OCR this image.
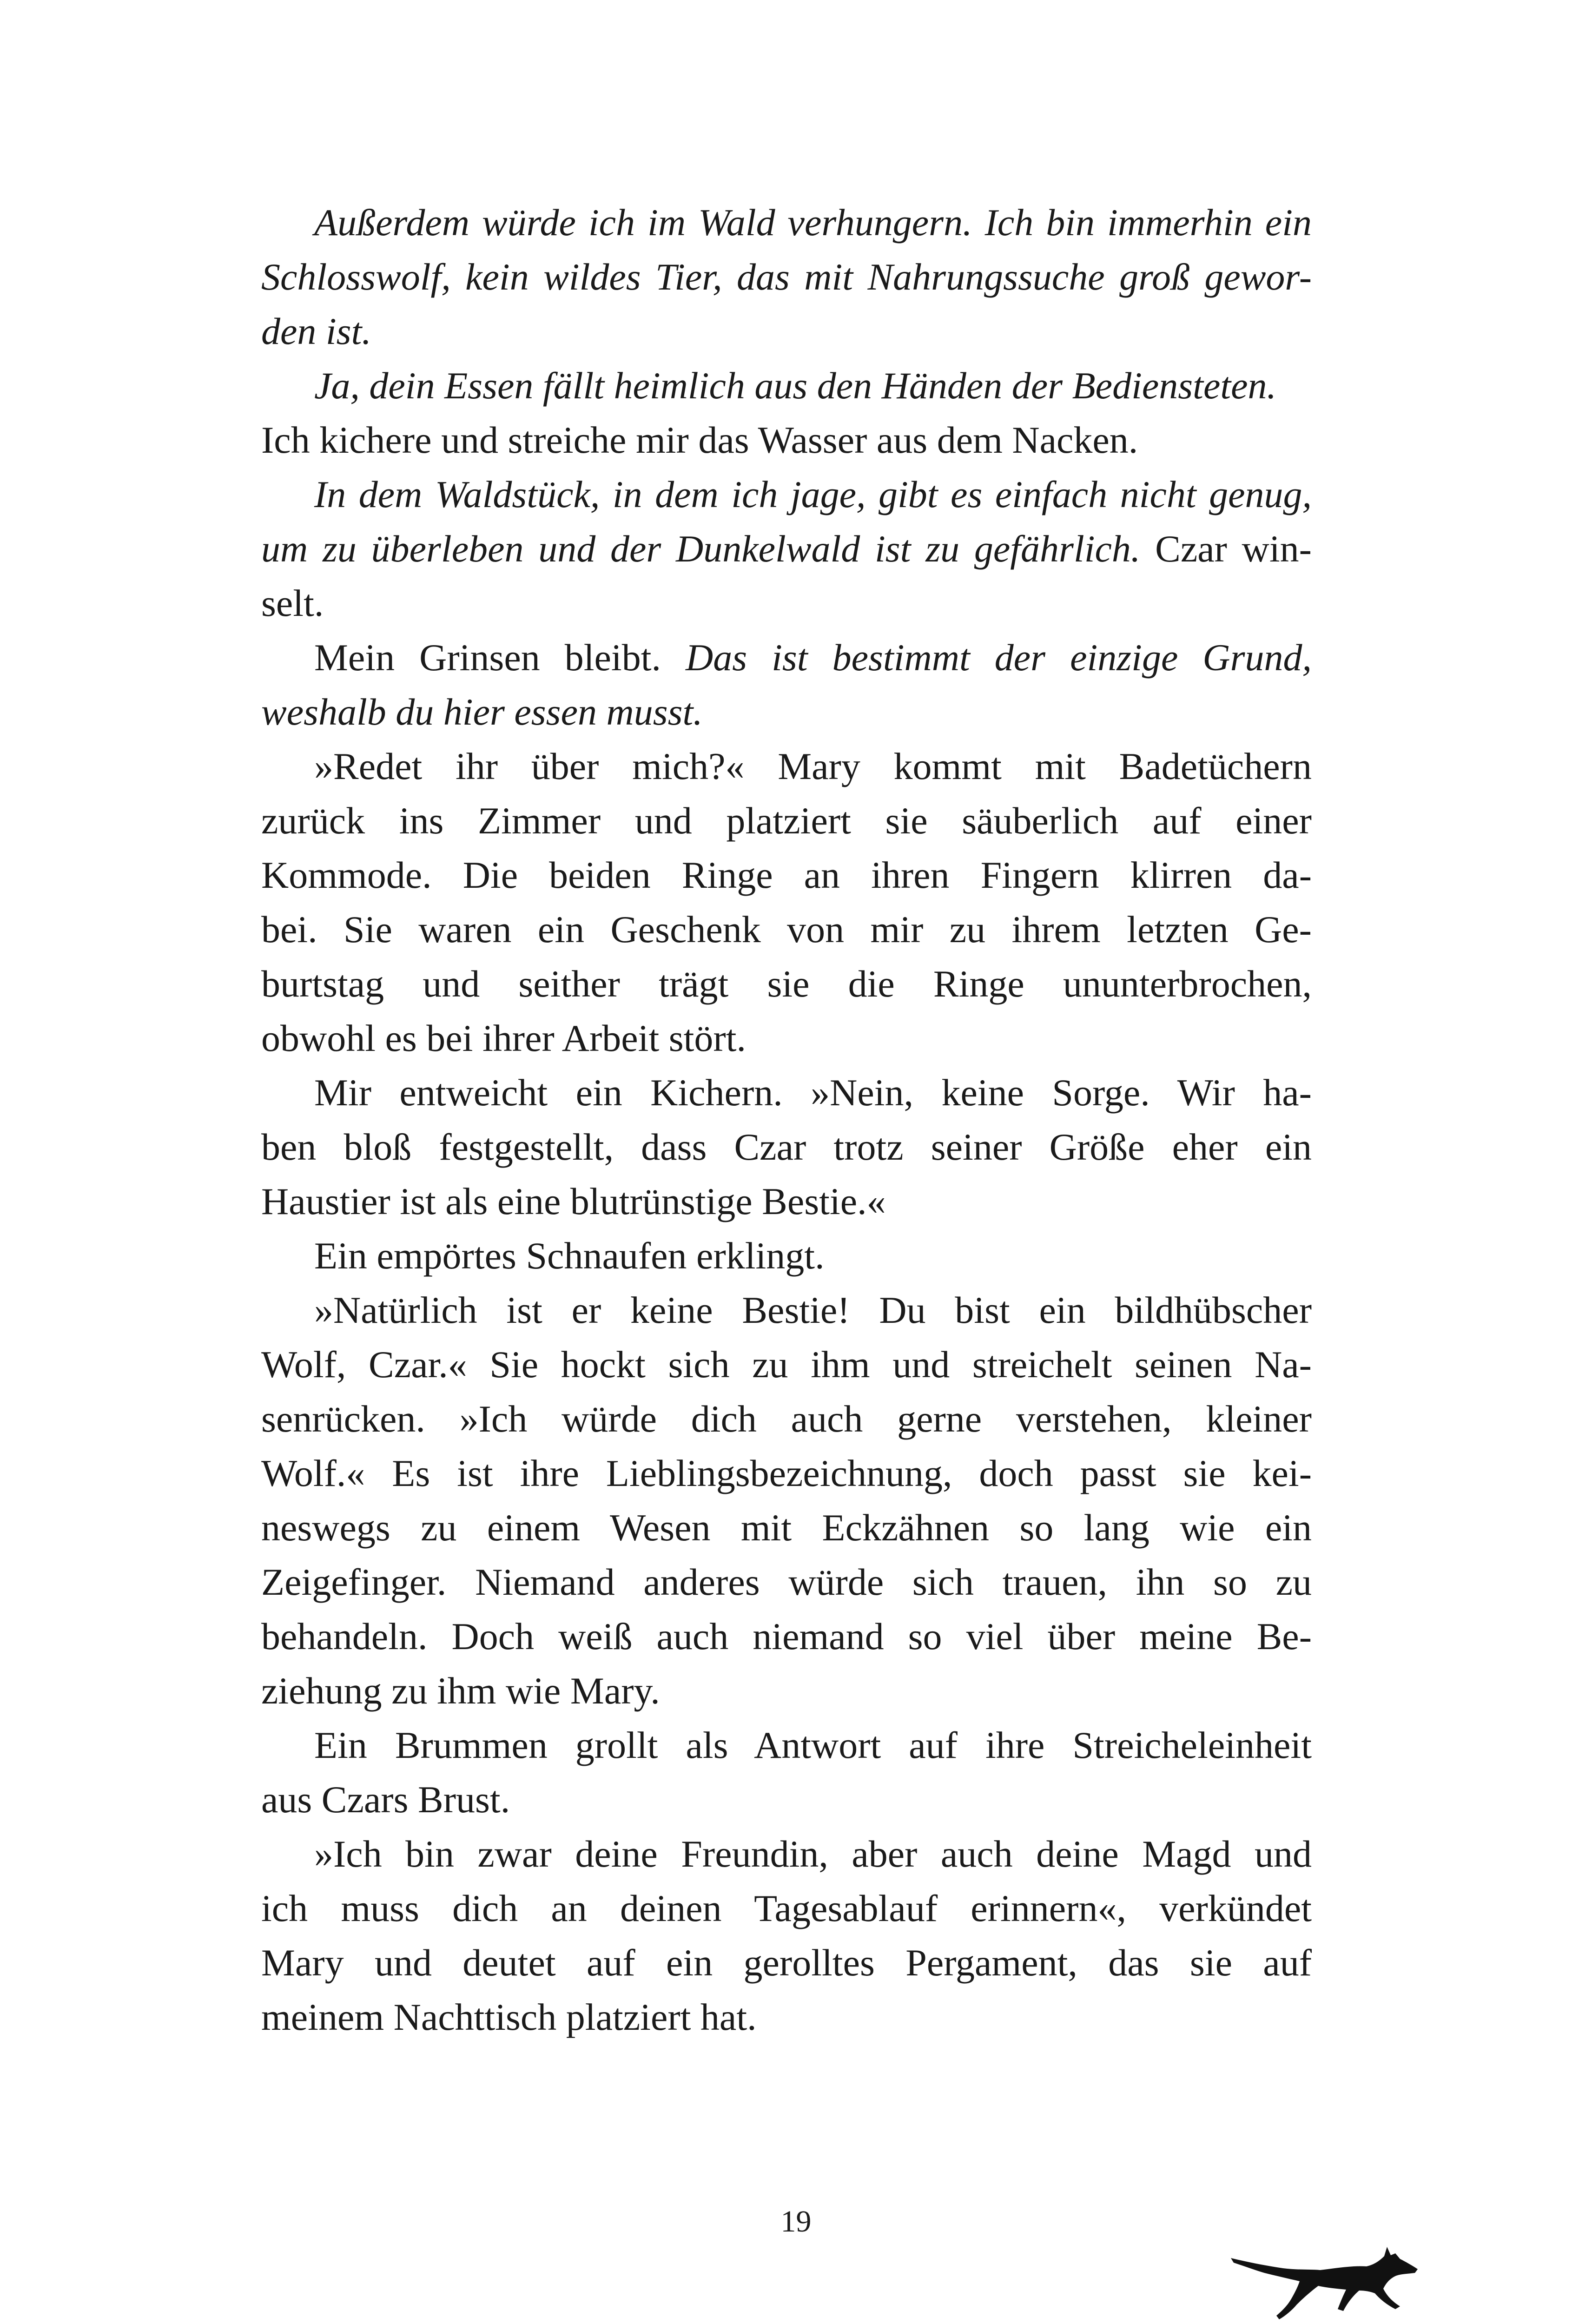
Außerdem würde ich im Wald verhungern. Ich bin immerhin ein
Schlosswolf, kein wildes Tier, das mit Nahrungssuche groß gewor-
den ist.
Ja, dein Essen fällt heimlich aus den Händen der Bediensteten.
Ich kichere und streiche mir das Wasser aus dem Nacken.
In dem Waldstück, in dem ich jage, gibt es einfach nicht genug,
um zu überleben und der Dunkelwald ist zu gefährlich. Czar win-
selt.
Mein Grinsen bleibt. Das ist bestimmt der einzige Grund,
weshalb du hier essen musst.
»Redet ihr über mich?« Mary kommt mit Badetüchern
zurück ins Zimmer und platziert sie säuberlich auf einer
Kommode. Die beiden Ringe an ihren Fingern klirren da-
bei. Sie waren ein Geschenk von mir zu ihrem letzten Ge-
burtstag und seither trägt sie die Ringe ununterbrochen,
obwohl es bei ihrer Arbeit stört.
Mir entweicht ein Kichern. »Nein, keine Sorge. Wir ha-
ben bloß festgestellt, dass Czar trotz seiner Größe eher ein
Haustier ist als eine blutrünstige Bestie.«
Ein empörtes Schnaufen erklingt.
»Natürlich ist er keine Bestie! Du bist ein bildhübscher
Wolf, Czar.« Sie hockt sich zu ihm und streichelt seinen Na-
senrücken. »Ich würde dich auch gerne verstehen, kleiner
Wolf.« Es ist ihre Lieblingsbezeichnung, doch passt sie kei-
neswegs zu einem Wesen mit Eckzähnen so lang wie ein
Zeigefinger. Niemand anderes würde sich trauen, ihn so zu
behandeln. Doch weiß auch niemand so viel über meine Be-
ziehung zu ihm wie Mary.
Ein Brummen grollt als Antwort auf ihre Streicheleinheit
aus Czars Brust.
»Ich bin zwar deine Freundin, aber auch deine Magd und
ich muss dich an deinen Tagesablauf erinnern«, verkündet
Mary und deutet auf ein gerolltes Pergament, das sie auf
meinem Nachttisch platziert hat.
19
